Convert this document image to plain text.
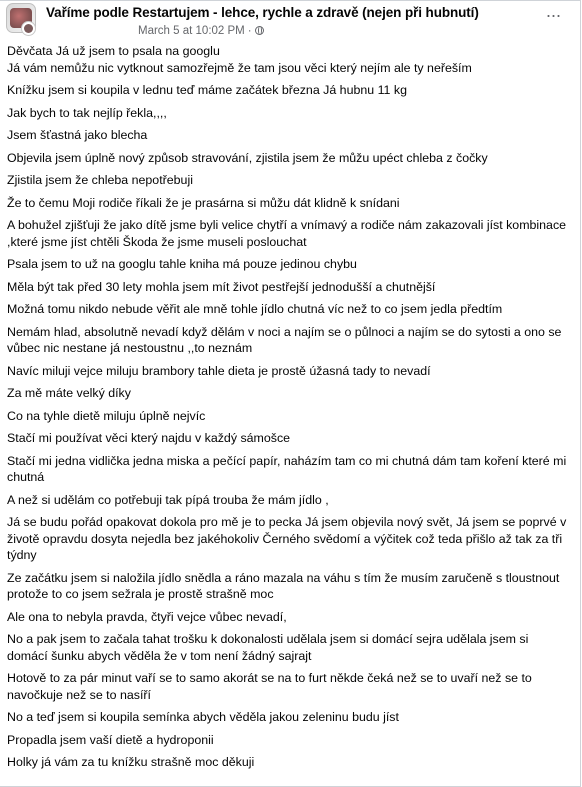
Vaříme podle Restartujem - lehce, rychle a zdravě (nejen při hubnutí)
March 5 at 10:02 PM ·
···

Děvčata Já už jsem to psala na googlu
Já vám nemůžu nic vytknout samozřejmě že tam jsou věci který nejím ale ty neřeším

Knížku jsem si koupila v lednu teď máme začátek března Já hubnu 11 kg

Jak bych to tak nejlíp řekla,,,,

Jsem šťastná jako blecha

Objevila jsem úplně nový způsob stravování, zjistila jsem že můžu upéct chleba z čočky

Zjistila jsem že chleba nepotřebuji

Že to čemu Moji rodiče říkali že je prasárna si můžu dát klidně k snídani

A bohužel zjišťuji že jako dítě jsme byli velice chytří a vnímavý a rodiče nám zakazovali jíst kombinace ,které jsme jíst chtěli Škoda že jsme museli poslouchat

Psala jsem to už na googlu tahle kniha má pouze jedinou chybu

Měla být tak před 30 lety mohla jsem mít život pestřejší jednodušší a chutnější

Možná tomu nikdo nebude věřit ale mně tohle jídlo chutná víc než to co jsem jedla předtím

Nemám hlad, absolutně nevadí když dělám v noci a najím se o půlnoci a najím se do sytosti a ono se vůbec nic nestane já nestoustnu ,,to neznám

Navíc miluji vejce miluju brambory tahle dieta je prostě úžasná tady to nevadí

Za mě máte velký díky

Co na tyhle dietě miluju úplně nejvíc

Stačí mi používat věci který najdu v každý sámošce

Stačí mi jedna vidlička jedna miska a pečící papír, naházím tam co mi chutná dám tam koření které mi chutná

A než si udělám co potřebuji tak pípá trouba že mám jídlo ,

Já se budu pořád opakovat dokola pro mě je to pecka Já jsem objevila nový svět, Já jsem se poprvé v životě opravdu dosyta nejedla bez jakéhokoliv Černého svědomí a výčitek což teda přišlo až tak za tři týdny

Ze začátku jsem si naložila jídlo snědla a ráno mazala na váhu s tím že musím zaručeně s tloustnout protože to co jsem sežrala je prostě strašně moc

Ale ona to nebyla pravda, čtyři vejce vůbec nevadí,

No a pak jsem to začala tahat trošku k dokonalosti udělala jsem si domácí sejra udělala jsem si domácí šunku abych věděla že v tom není žádný sajrajt

Hotově to za pár minut vaří se to samo akorát se na to furt někde čeká než se to uvaří než se to navočkuje než se to nasíří

No a teď jsem si koupila semínka abych věděla jakou zeleninu budu jíst

Propadla jsem vaší dietě a hydroponii

Holky já vám za tu knížku strašně moc děkuji
